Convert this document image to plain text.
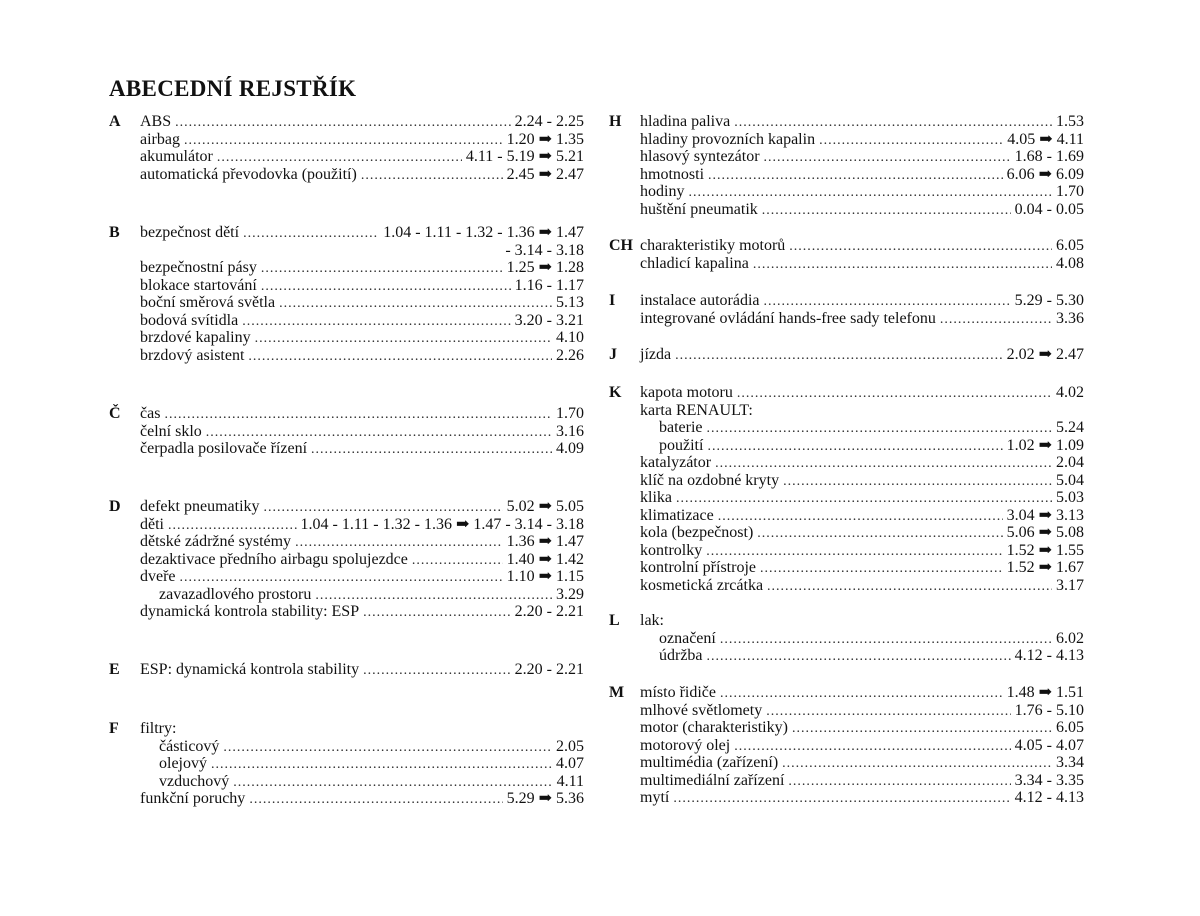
ABECEDNÍ REJSTŘÍK
A ABS .....	2.24 - 2.25
airbag .....	1.20 ➡ 1.35
akumulátor .....	4.11 - 5.19 ➡ 5.21
automatická převodovka (použití) .....	2.45 ➡ 2.47
B bezpečnost dětí .....	1.04 - 1.11 - 1.32 - 1.36 ➡ 1.47
- 3.14 - 3.18
bezpečnostní pásy .....	1.25 ➡ 1.28
blokace startování .....	1.16 - 1.17
boční směrová světla .....	5.13
bodová svítidla .....	3.20 - 3.21
brzdové kapaliny .....	4.10
brzdový asistent .....	2.26
Č čas .....	1.70
čelní sklo .....	3.16
čerpadla posilovače řízení .....	4.09
D defekt pneumatiky .....	5.02 ➡ 5.05
děti .....	1.04 - 1.11 - 1.32 - 1.36 ➡ 1.47 - 3.14 - 3.18
dětské zádržné systémy .....	1.36 ➡ 1.47
dezaktivace předního airbagu spolujezdce .....	1.40 ➡ 1.42
dveře .....	1.10 ➡ 1.15
zavazadlového prostoru .....	3.29
dynamická kontrola stability: ESP .....	2.20 - 2.21
E ESP: dynamická kontrola stability .....	2.20 - 2.21
F filtry:
částicový .....	2.05
olejový .....	4.07
vzduchový .....	4.11
funkční poruchy .....	5.29 ➡ 5.36
H hladina paliva .....	1.53
hladiny provozních kapalin .....	4.05 ➡ 4.11
hlasový syntezátor .....	1.68 - 1.69
hmotnosti .....	6.06 ➡ 6.09
hodiny .....	1.70
huštění pneumatik .....	0.04 - 0.05
CH charakteristiky motorů .....	6.05
chladicí kapalina .....	4.08
I instalace autorádia .....	5.29 - 5.30
integrované ovládání hands-free sady telefonu .....	3.36
J jízda .....	2.02 ➡ 2.47
K kapota motoru .....	4.02
karta RENAULT:
baterie .....	5.24
použití .....	1.02 ➡ 1.09
katalyzátor .....	2.04
klíč na ozdobné kryty .....	5.04
klika .....	5.03
klimatizace .....	3.04 ➡ 3.13
kola (bezpečnost) .....	5.06 ➡ 5.08
kontrolky .....	1.52 ➡ 1.55
kontrolní přístroje .....	1.52 ➡ 1.67
kosmetická zrcátka .....	3.17
L lak:
označení .....	6.02
údržba .....	4.12 - 4.13
M místo řidiče .....	1.48 ➡ 1.51
mlhové světlomety .....	1.76 - 5.10
motor (charakteristiky) .....	6.05
motorový olej .....	4.05 - 4.07
multimédia (zařízení) .....	3.34
multimediální zařízení .....	3.34 - 3.35
mytí .....	4.12 - 4.13
